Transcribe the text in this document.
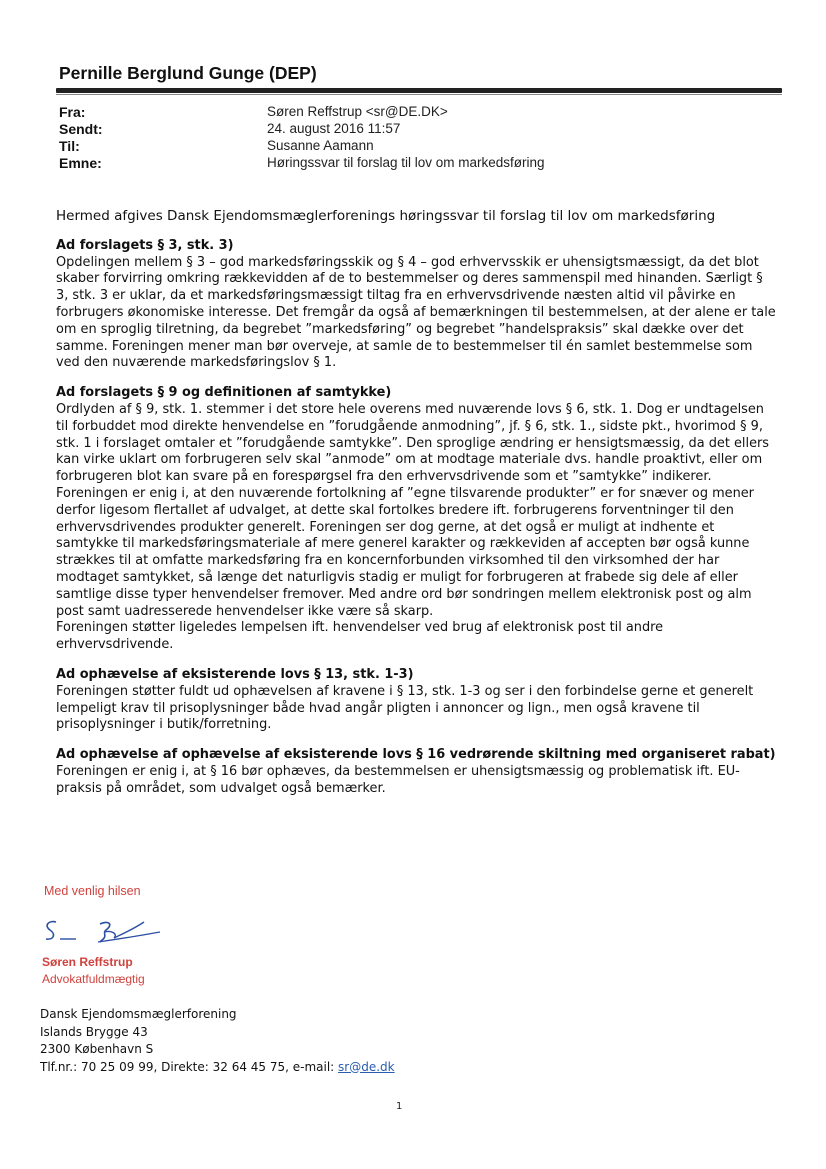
Pernille Berglund Gunge (DEP)
Fra:	Søren Reffstrup <sr@DE.DK>
Sendt:	24. august 2016 11:57
Til:	Susanne Aamann
Emne:	Høringssvar til forslag til lov om markedsføring

Hermed afgives Dansk Ejendomsmæglerforenings høringssvar til forslag til lov om markedsføring

Ad forslagets § 3, stk. 3)

Opdelingen mellem § 3 – god markedsføringsskik og § 4 – god erhvervsskik er uhensigtsmæssigt, da det blot skaber forvirring omkring rækkevidden af de to bestemmelser og deres sammenspil med hinanden. Særligt § 3, stk. 3 er uklar, da et markedsføringsmæssigt tiltag fra en erhvervsdrivende næsten altid vil påvirke en forbrugers økonomiske interesse. Det fremgår da også af bemærkningen til bestemmelsen, at der alene er tale om en sproglig tilretning, da begrebet ”markedsføring” og begrebet ”handelspraksis” skal dække over det samme. Foreningen mener man bør overveje, at samle de to bestemmelser til én samlet bestemmelse som ved den nuværende markedsføringslov § 1.

Ad forslagets § 9 og definitionen af samtykke)

Ordlyden af § 9, stk. 1. stemmer i det store hele overens med nuværende lovs § 6, stk. 1. Dog er undtagelsen til forbuddet mod direkte henvendelse en ”forudgående anmodning”, jf. § 6, stk. 1., sidste pkt., hvorimod § 9, stk. 1 i forslaget omtaler et ”forudgående samtykke”. Den sproglige ændring er hensigtsmæssig, da det ellers kan virke uklart om forbrugeren selv skal ”anmode” om at modtage materiale dvs. handle proaktivt, eller om forbrugeren blot kan svare på en forespørgsel fra den erhvervsdrivende som et ”samtykke” indikerer.

Foreningen er enig i, at den nuværende fortolkning af ”egne tilsvarende produkter” er for snæver og mener derfor ligesom flertallet af udvalget, at dette skal fortolkes bredere ift. forbrugerens forventninger til den erhvervsdrivendes produkter generelt. Foreningen ser dog gerne, at det også er muligt at indhente et samtykke til markedsføringsmateriale af mere generel karakter og rækkeviden af accepten bør også kunne strækkes til at omfatte markedsføring fra en koncernforbunden virksomhed til den virksomhed der har modtaget samtykket, så længe det naturligvis stadig er muligt for forbrugeren at frabede sig dele af eller samtlige disse typer henvendelser fremover. Med andre ord bør sondringen mellem elektronisk post og alm post samt uadresserede henvendelser ikke være så skarp.

Foreningen støtter ligeledes lempelsen ift. henvendelser ved brug af elektronisk post til andre erhvervsdrivende.

Ad ophævelse af eksisterende lovs § 13, stk. 1-3)

Foreningen støtter fuldt ud ophævelsen af kravene i § 13, stk. 1-3 og ser i den forbindelse gerne et generelt lempeligt krav til prisoplysninger både hvad angår pligten i annoncer og lign., men også kravene til prisoplysninger i butik/forretning.

Ad ophævelse af ophævelse af eksisterende lovs § 16 vedrørende skiltning med organiseret rabat)

Foreningen er enig i, at § 16 bør ophæves, da bestemmelsen er uhensigtsmæssig og problematisk ift. EU-praksis på området, som udvalget også bemærker.

Med venlig hilsen
Søren Reffstrup
Advokatfuldmægtig
Dansk Ejendomsmæglerforening
Islands Brygge 43
2300 København S
Tlf.nr.: 70 25 09 99, Direkte: 32 64 45 75, e-mail: sr@de.dk
1
